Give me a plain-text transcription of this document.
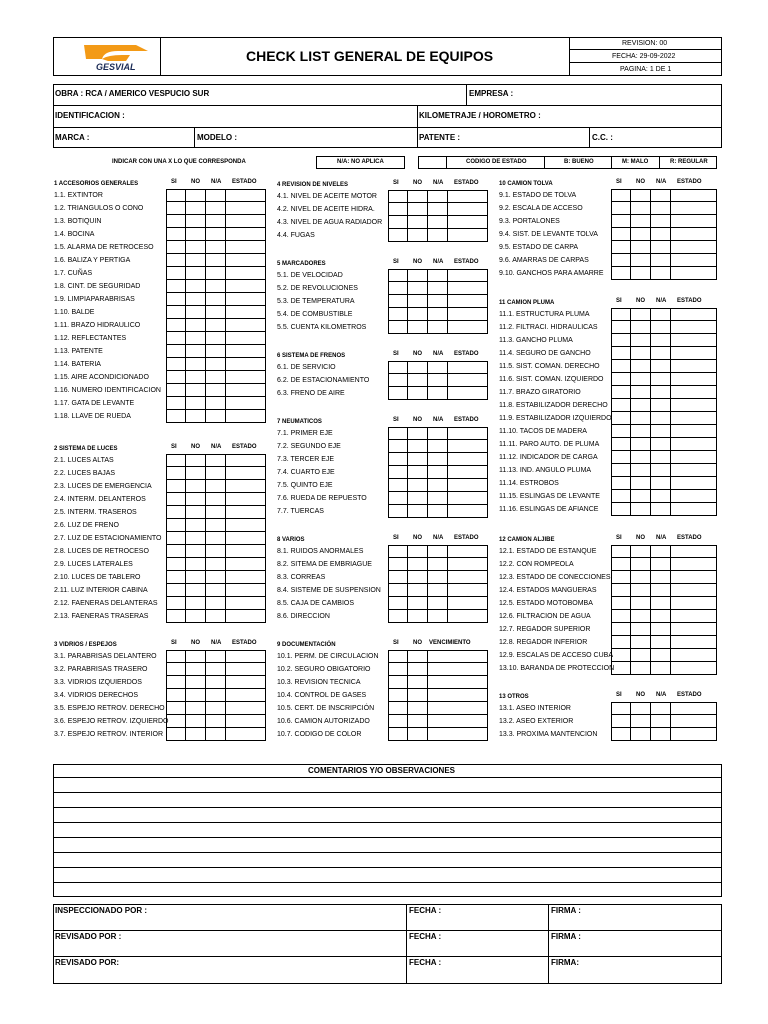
GESVIAL
CHECK LIST GENERAL DE EQUIPOS
REVISION: 00
FECHA: 29-09-2022
PAGINA: 1 DE 1
OBRA : RCA / AMERICO VESPUCIO SUR	EMPRESA :
IDENTIFICACION :	KILOMETRAJE / HOROMETRO :
MARCA :	MODELO :	PATENTE :	C.C. :
INDICAR CON UNA X LO QUE CORRESPONDA	N/A: NO APLICA	CODIGO DE ESTADO	B: BUENO	M: MALO	R: REGULAR
1 ACCESORIOS GENERALES	SI NO N/A ESTADO
1.1. EXTINTOR
1.2. TRIANGULOS O CONO
1.3. BOTIQUIN
1.4. BOCINA
1.5. ALARMA DE RETROCESO
1.6. BALIZA Y PERTIGA
1.7. CUÑAS
1.8. CINT. DE SEGURIDAD
1.9. LIMPIAPARABRISAS
1.10. BALDE
1.11. BRAZO HIDRAULICO
1.12. REFLECTANTES
1.13. PATENTE
1.14. BATERIA
1.15. AIRE ACONDICIONADO
1.16. NUMERO IDENTIFICACION
1.17. GATA DE LEVANTE
1.18. LLAVE DE RUEDA
2 SISTEMA DE LUCES	SI NO N/A ESTADO
2.1. LUCES ALTAS
2.2. LUCES BAJAS
2.3. LUCES DE EMERGENCIA
2.4. INTERM. DELANTEROS
2.5. INTERM. TRASEROS
2.6. LUZ DE FRENO
2.7. LUZ DE ESTACIONAMIENTO
2.8. LUCES DE RETROCESO
2.9. LUCES LATERALES
2.10. LUCES DE TABLERO
2.11. LUZ INTERIOR CABINA
2.12. FAENERAS DELANTERAS
2.13. FAENERAS TRASERAS
3 VIDRIOS / ESPEJOS	SI NO N/A ESTADO
3.1. PARABRISAS DELANTERO
3.2. PARABRISAS TRASERO
3.3. VIDRIOS IZQUIERDOS
3.4. VIDRIOS DERECHOS
3.5. ESPEJO RETROV. DERECHO
3.6. ESPEJO RETROV. IZQUIERDO
3.7. ESPEJO RETROV. INTERIOR
4 REVISION DE NIVELES	SI NO N/A ESTADO
4.1. NIVEL DE ACEITE MOTOR
4.2. NIVEL DE ACEITE HIDRA.
4.3. NIVEL DE AGUA RADIADOR
4.4. FUGAS
5 MARCADORES	SI NO N/A ESTADO
5.1. DE VELOCIDAD
5.2. DE REVOLUCIONES
5.3. DE TEMPERATURA
5.4. DE COMBUSTIBLE
5.5. CUENTA KILOMETROS
6 SISTEMA DE FRENOS	SI NO N/A ESTADO
6.1. DE SERVICIO
6.2. DE ESTACIONAMIENTO
6.3. FRENO DE AIRE
7 NEUMATICOS	SI NO N/A ESTADO
7.1. PRIMER EJE
7.2. SEGUNDO EJE
7.3. TERCER EJE
7.4. CUARTO EJE
7.5. QUINTO EJE
7.6. RUEDA DE REPUESTO
7.7. TUERCAS
8 VARIOS	SI NO N/A ESTADO
8.1. RUIDOS ANORMALES
8.2. SITEMA DE EMBRIAGUE
8.3. CORREAS
8.4. SISTEME DE SUSPENSION
8.5. CAJA DE CAMBIOS
8.6. DIRECCION
9 DOCUMENTACIÓN	SI NO VENCIMIENTO
10.1. PERM. DE CIRCULACION
10.2. SEGURO OBIGATORIO
10.3. REVISION TECNICA
10.4. CONTROL DE GASES
10.5. CERT. DE INSCRIPCIÓN
10.6. CAMION AUTORIZADO
10.7. CODIGO DE COLOR
10 CAMION TOLVA	SI NO N/A ESTADO
9.1. ESTADO DE TOLVA
9.2. ESCALA DE ACCESO
9.3. PORTALONES
9.4. SIST. DE LEVANTE TOLVA
9.5. ESTADO DE CARPA
9.6. AMARRAS DE CARPAS
9.10. GANCHOS PARA AMARRE
11 CAMION PLUMA	SI NO N/A ESTADO
11.1. ESTRUCTURA PLUMA
11.2. FILTRACI. HIDRAULICAS
11.3. GANCHO PLUMA
11.4. SEGURO DE GANCHO
11.5. SIST. COMAN. DERECHO
11.6. SIST. COMAN. IZQUIERDO
11.7. BRAZO GIRATORIO
11.8. ESTABILIZADOR DERECHO
11.9. ESTABILIZADOR IZQUIERDO
11.10. TACOS DE MADERA
11.11. PARO AUTO. DE PLUMA
11.12. INDICADOR DE CARGA
11.13. IND. ANGULO PLUMA
11.14. ESTROBOS
11.15. ESLINGAS DE LEVANTE
11.16. ESLINGAS DE AFIANCE
12 CAMION ALJIBE	SI NO N/A ESTADO
12.1. ESTADO DE ESTANQUE
12.2. CON ROMPEOLA
12.3. ESTADO DE CONECCIONES
12.4. ESTADOS MANGUERAS
12.5. ESTADO MOTOBOMBA
12.6. FILTRACION DE AGUA
12.7. REGADOR SUPERIOR
12.8. REGADOR INFERIOR
12.9. ESCALAS DE ACCESO CUBA
13.10. BARANDA DE PROTECCION
13 OTROS	SI NO N/A ESTADO
13.1. ASEO INTERIOR
13.2. ASEO EXTERIOR
13.3. PROXIMA MANTENCION
COMENTARIOS Y/O OBSERVACIONES
INSPECCIONADO POR :	FECHA :	FIRMA :
REVISADO POR :	FECHA :	FIRMA :
REVISADO POR:	FECHA :	FIRMA:
